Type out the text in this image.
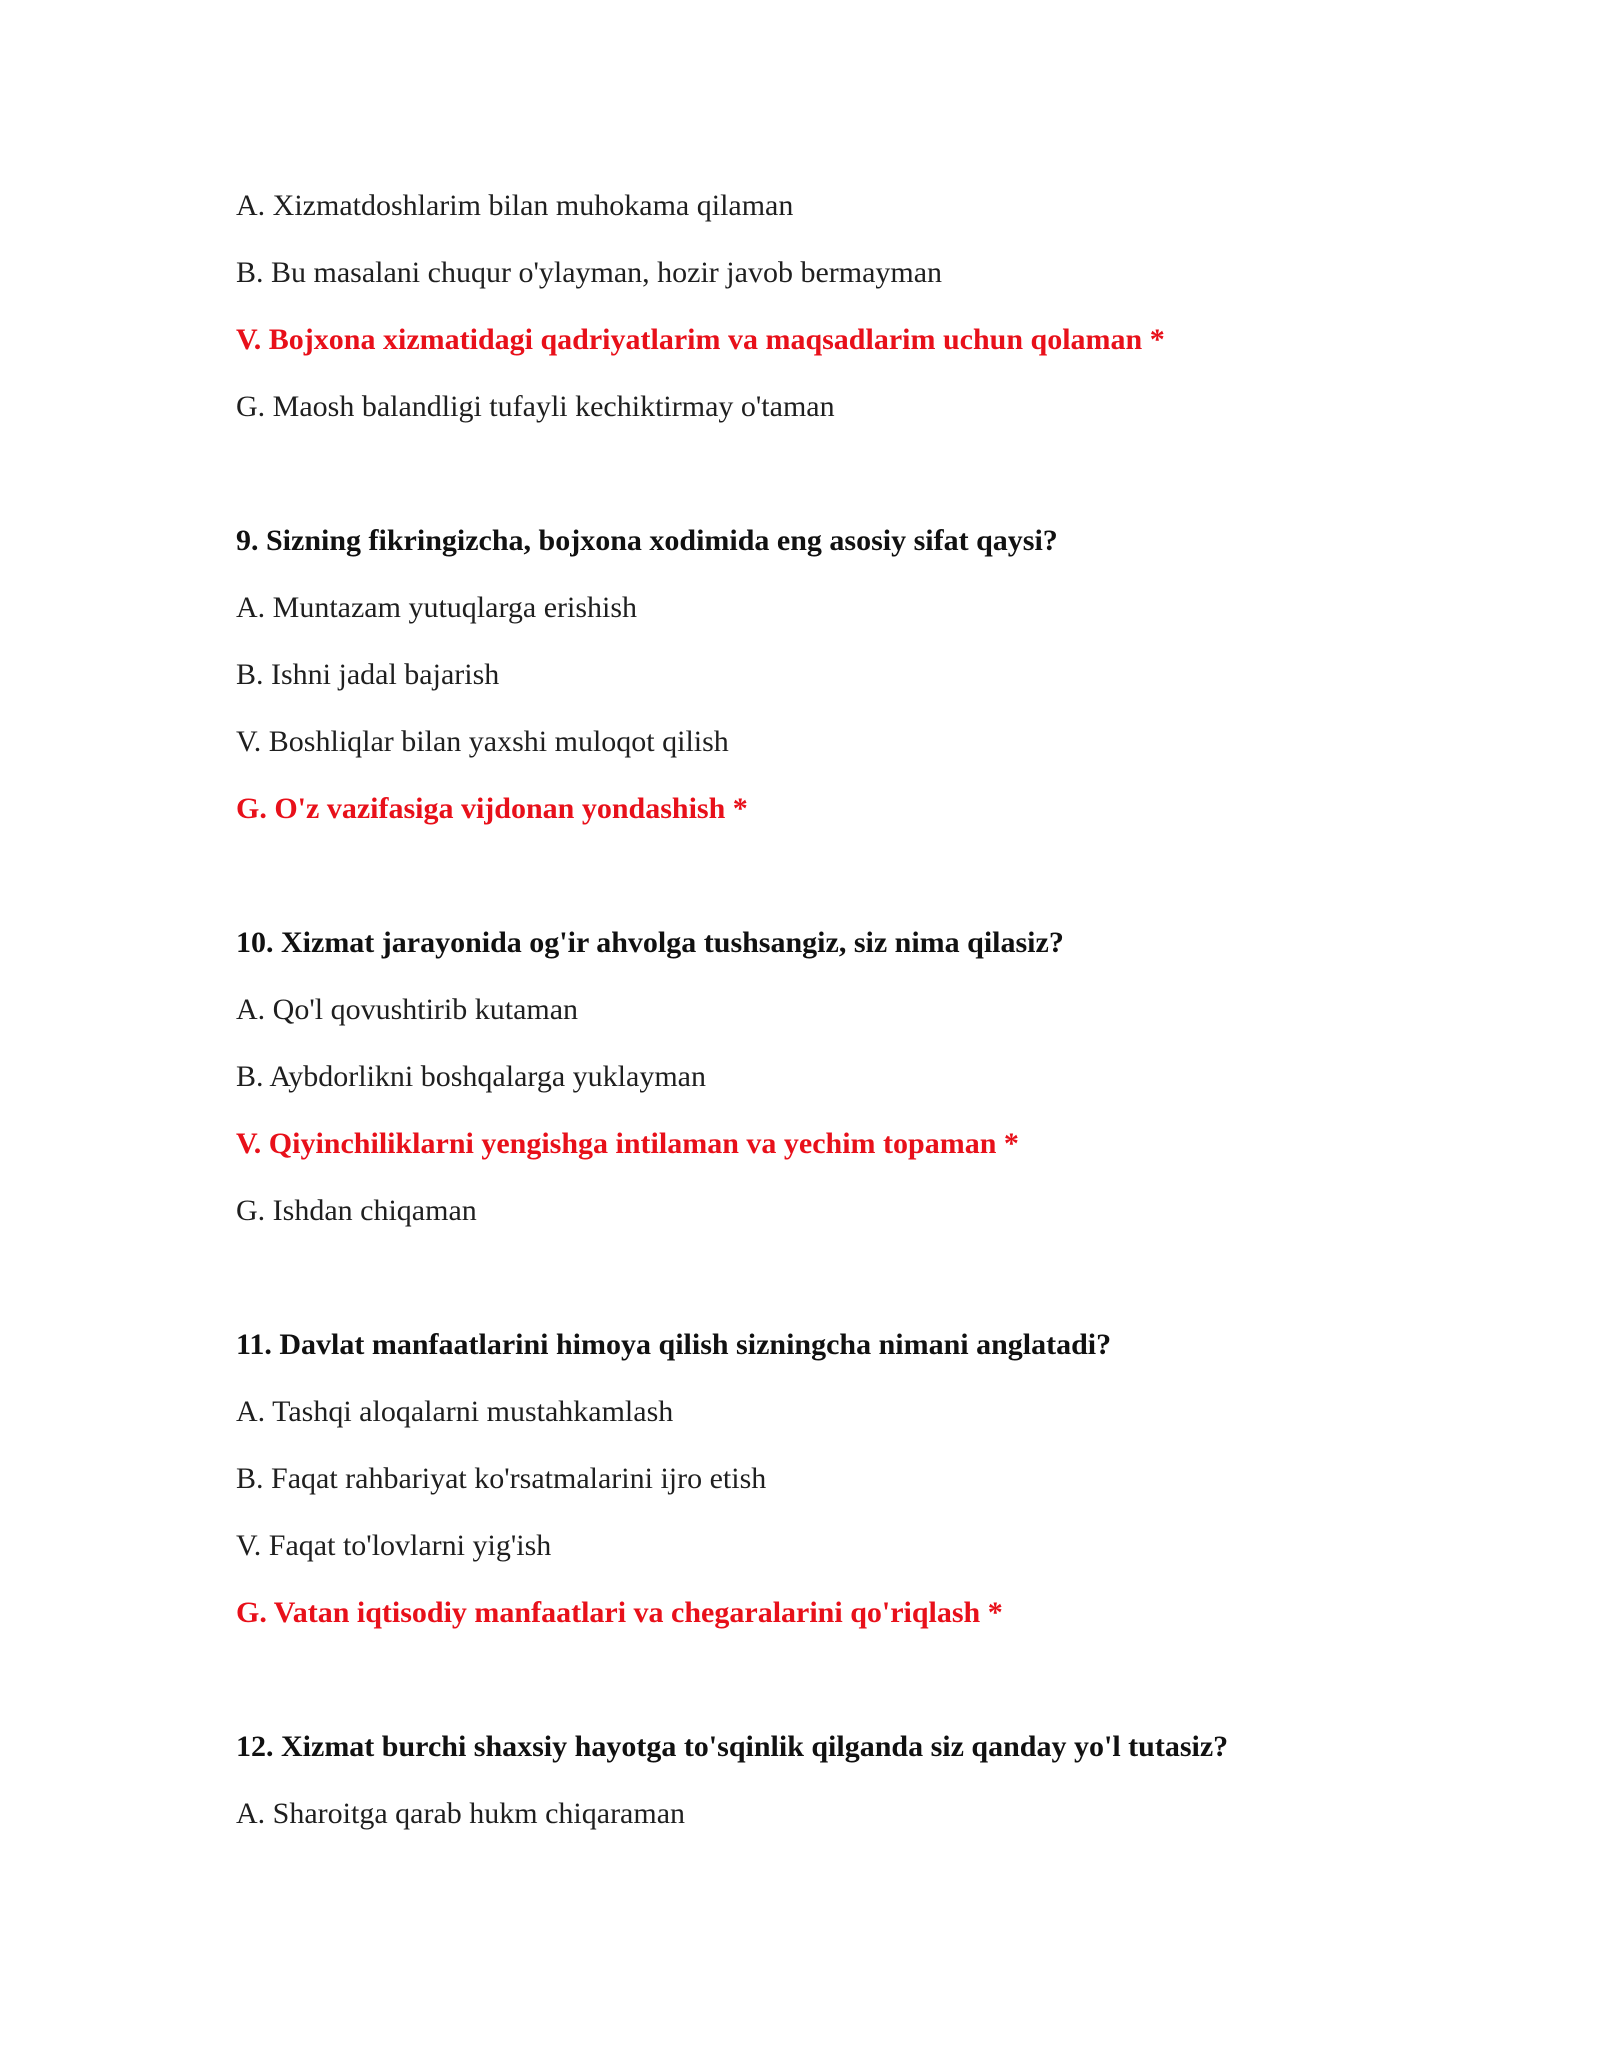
A. Xizmatdoshlarim bilan muhokama qilaman
B. Bu masalani chuqur o'ylayman, hozir javob bermayman
V. Bojxona xizmatidagi qadriyatlarim va maqsadlarim uchun qolaman *
G. Maosh balandligi tufayli kechiktirmay o'taman
9. Sizning fikringizcha, bojxona xodimida eng asosiy sifat qaysi?
A. Muntazam yutuqlarga erishish
B. Ishni jadal bajarish
V. Boshliqlar bilan yaxshi muloqot qilish
G. O'z vazifasiga vijdonan yondashish *
10. Xizmat jarayonida og'ir ahvolga tushsangiz, siz nima qilasiz?
A. Qo'l qovushtirib kutaman
B. Aybdorlikni boshqalarga yuklayman
V. Qiyinchiliklarni yengishga intilaman va yechim topaman *
G. Ishdan chiqaman
11. Davlat manfaatlarini himoya qilish sizningcha nimani anglatadi?
A. Tashqi aloqalarni mustahkamlash
B. Faqat rahbariyat ko'rsatmalarini ijro etish
V. Faqat to'lovlarni yig'ish
G. Vatan iqtisodiy manfaatlari va chegaralarini qo'riqlash *
12. Xizmat burchi shaxsiy hayotga to'sqinlik qilganda siz qanday yo'l tutasiz?
A. Sharoitga qarab hukm chiqaraman
